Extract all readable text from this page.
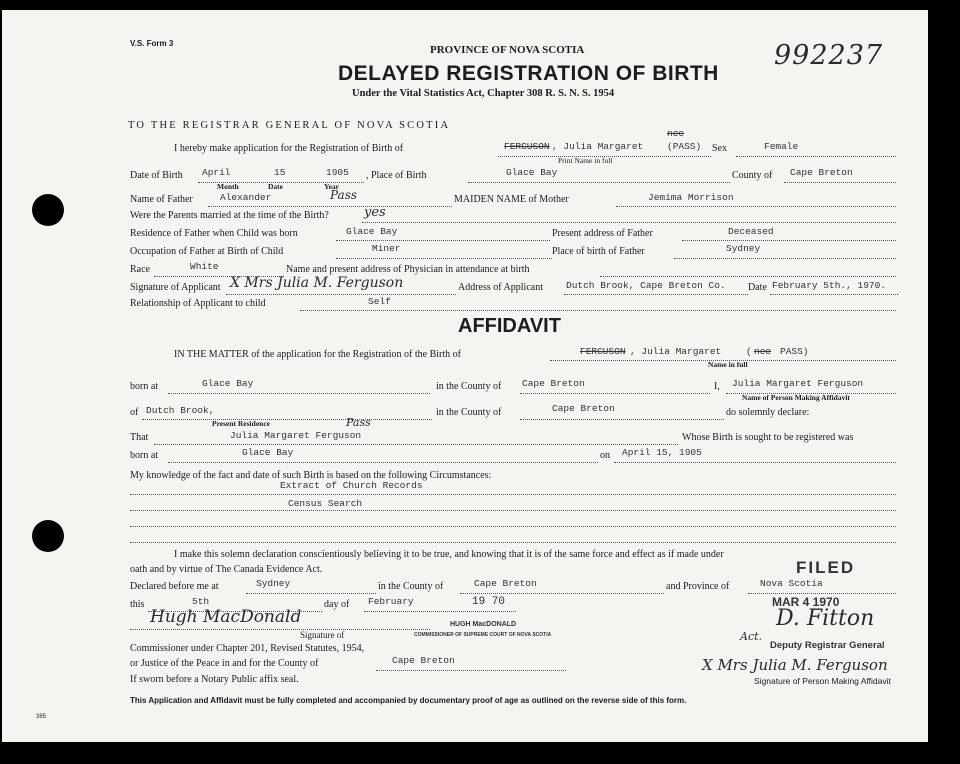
V.S. Form 3
PROVINCE OF NOVA SCOTIA
DELAYED REGISTRATION OF BIRTH
Under the Vital Statistics Act, Chapter 308 R. S. N. S. 1954
992237
TO THE REGISTRAR GENERAL OF NOVA SCOTIA
I hereby make application for the Registration of Birth of	FERGUSON , Julia Margaret
nee
(PASS)
Print Name in full
Sex	Female
Date of Birth April	15	1905
Month	Date	Year
, Place of Birth	Glace Bay	County of Cape Breton
Name of Father	Alexander	Pass	MAIDEN NAME of Mother	Jemima Morrison
Were the Parents married at the time of the Birth?	yes
Residence of Father when Child was born	Glace Bay	Present address of Father	Deceased
Occupation of Father at Birth of Child	Miner	Place of birth of Father	Sydney
Race	White	Name and present address of Physician in attendance at birth
Signature of Applicant X Mrs Julia M. Ferguson	Address of Applicant Dutch Brook, Cape Breton Co. Date February 5th., 1970.
Relationship of Applicant to child	Self
AFFIDAVIT
IN THE MATTER of the application for the Registration of the Birth of	FERGUSON , Julia Margaret	( nee PASS)
Name in full
born at	Glace Bay	in the County of Cape Breton	I, Julia Margaret Ferguson
Name of Person Making Affidavit
of Dutch Brook,
Present Residence
in the County of	Cape Breton	do solemnly declare:
That	Julia Margaret Ferguson
Pass
Whose Birth is sought to be registered was
born at	Glace Bay	on April 15, 1905
My knowledge of the fact and date of such Birth is based on the following Circumstances:
Extract of Church Records
Census Search
I make this solemn declaration conscientiously believing it to be true, and knowing that it is of the same force and effect as if made under
oath and by virtue of The Canada Evidence Act.
Declared before me at	Sydney	in the County of	Cape Breton	and Province of	Nova Scotia
FILED
this	5th	day of February	19 70	MAR 4 1970
Hugh MacDonald
Signature of
HUGH MacDONALD
COMMISSIONER OF SUPREME COURT OF NOVA SCOTIA
D. Fitton
Act.
Commissioner under Chapter 201, Revised Statutes, 1954,	Deputy Registrar General
or Justice of the Peace in and for the County of	Cape Breton	X Mrs Julia M. Ferguson
If sworn before a Notary Public affix seal.	Signature of Person Making Affidavit
This Application and Affidavit must be fully completed and accompanied by documentary proof of age as outlined on the reverse side of this form.
385
